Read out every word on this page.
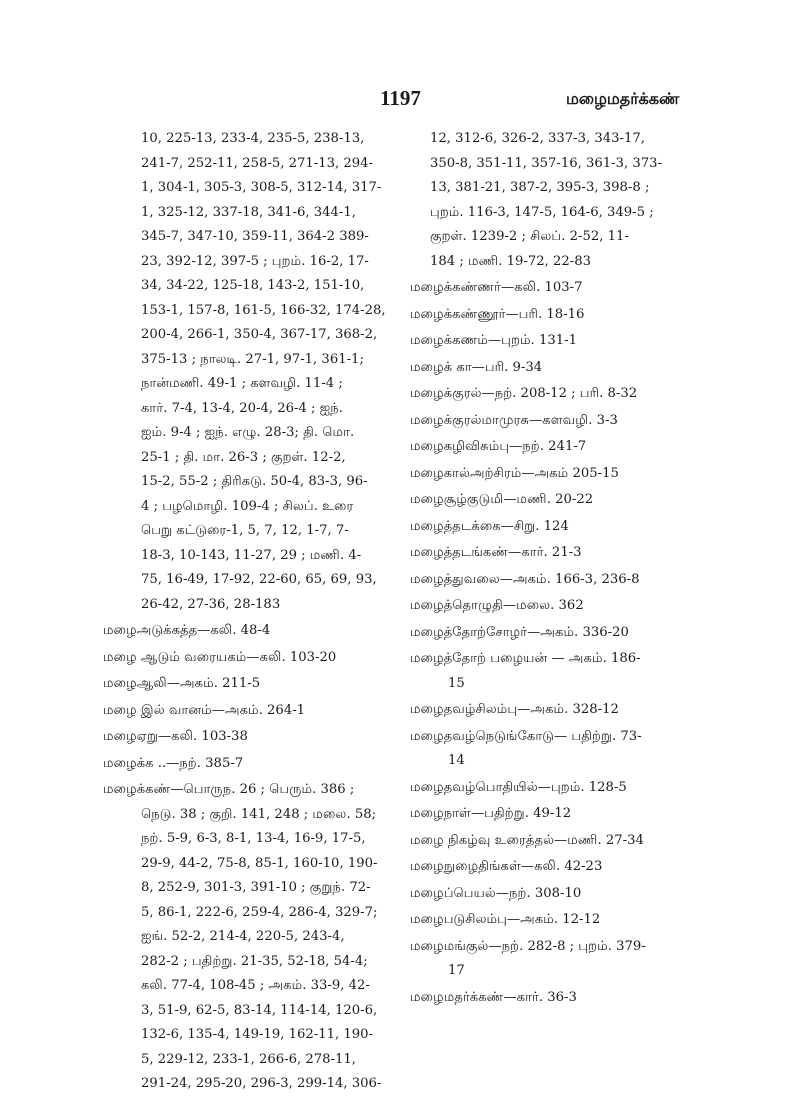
1197	மழைமதர்க்கண்
10, 225-13, 233-4, 235-5, 238-13,
241-7, 252-11, 258-5, 271-13, 294-
1, 304-1, 305-3, 308-5, 312-14, 317-
1, 325-12, 337-18, 341-6, 344-1,
345-7, 347-10, 359-11, 364-2 389-
23, 392-12, 397-5 ; புறம். 16-2, 17-
34, 34-22, 125-18, 143-2, 151-10,
153-1, 157-8, 161-5, 166-32, 174-28,
200-4, 266-1, 350-4, 367-17, 368-2,
375-13 ; நாலடி. 27-1, 97-1, 361-1;
நான்மணி. 49-1 ; களவழி. 11-4 ;
கார். 7-4, 13-4, 20-4, 26-4 ; ஐந்.
ஐம். 9-4 ; ஐந். எழு. 28-3; தி. மொ.
25-1 ; தி. மா. 26-3 ; குறள். 12-2,
15-2, 55-2 ; திரிகடு. 50-4, 83-3, 96-
4 ; பழமொழி. 109-4 ; சிலப். உரை
பெறு கட்டுரை-1, 5, 7, 12, 1-7, 7-
18-3, 10-143, 11-27, 29 ; மணி. 4-
75, 16-49, 17-92, 22-60, 65, 69, 93,
26-42, 27-36, 28-183
மழைஅடுக்கத்த—கலி. 48-4
மழை ஆடும் வரையகம்—கலி. 103-20
மழைஆலி—அகம். 211-5
மழை இல் வானம்—அகம். 264-1
மழைஏறு—கலி. 103-38
மழைக்க ..—நற். 385-7
மழைக்கண்—பொருந. 26 ; பெரும். 386 ;
நெடு. 38 ; குறி. 141, 248 ; மலை. 58;
நற். 5-9, 6-3, 8-1, 13-4, 16-9, 17-5,
29-9, 44-2, 75-8, 85-1, 160-10, 190-
8, 252-9, 301-3, 391-10 ; குறுந். 72-
5, 86-1, 222-6, 259-4, 286-4, 329-7;
ஐங். 52-2, 214-4, 220-5, 243-4,
282-2 ; பதிற்று. 21-35, 52-18, 54-4;
கலி. 77-4, 108-45 ; அகம். 33-9, 42-
3, 51-9, 62-5, 83-14, 114-14, 120-6,
132-6, 135-4, 149-19, 162-11, 190-
5, 229-12, 233-1, 266-6, 278-11,
291-24, 295-20, 296-3, 299-14, 306-
12, 312-6, 326-2, 337-3, 343-17,
350-8, 351-11, 357-16, 361-3, 373-
13, 381-21, 387-2, 395-3, 398-8 ;
புறம். 116-3, 147-5, 164-6, 349-5 ;
குறள். 1239-2 ; சிலப். 2-52, 11-
184 ; மணி. 19-72, 22-83
மழைக்கண்ணர்—கலி. 103-7
மழைக்கண்ணூர்—பரி. 18-16
மழைக்கணம்—புறம். 131-1
மழைக் கா—பரி. 9-34
மழைக்குரல்—நற். 208-12 ; பரி. 8-32
மழைக்குரல்மாமுரசு—களவழி. 3-3
மழைகழிவிசும்பு—நற். 241-7
மழைகால்அற்சிரம்—அகம் 205-15
மழைசூழ்குடுமி—மணி. 20-22
மழைத்தடக்கை—சிறு. 124
மழைத்தடங்கண்—கார். 21-3
மழைத்துவலை—அகம். 166-3, 236-8
மழைத்தொழுதி—மலை. 362
மழைத்தோற்சோழர்—அகம். 336-20
மழைத்தோற் பழையன் — அகம். 186-
15
மழைதவழ்சிலம்பு—அகம். 328-12
மழைதவழ்நெடுங்கோடு— பதிற்று. 73-
14
மழைதவழ்பொதியில்—புறம். 128-5
மழைநாள்—பதிற்று. 49-12
மழை நிகழ்வு உரைத்தல்—மணி. 27-34
மழைநுழைதிங்கள்—கலி. 42-23
மழைப்பெயல்—நற். 308-10
மழைபடுசிலம்பு—அகம். 12-12
மழைமங்குல்—நற். 282-8 ; புறம். 379-
17
மழைமதர்க்கண்—கார். 36-3
